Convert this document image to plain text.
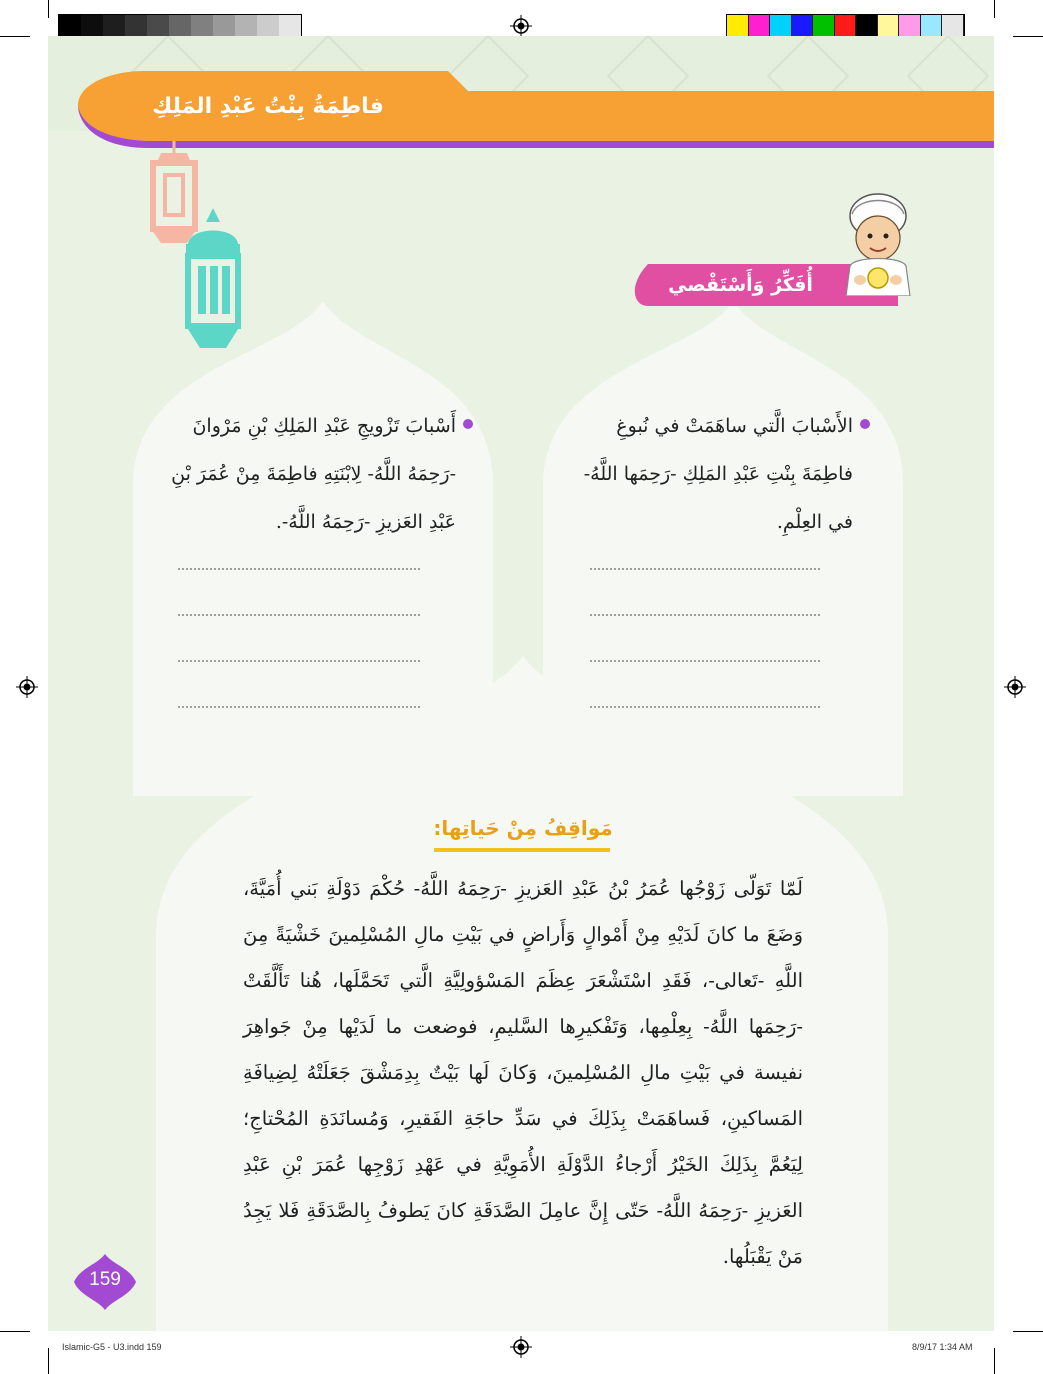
فاطِمَةُ بِنْتُ عَبْدِ المَلِكِ
أُفَكِّرُ وَأَسْتَقْصي
الأَسْبابَ الَّتي ساهَمَتْ في نُبوغِ فاطِمَةَ بِنْتِ عَبْدِ المَلِكِ -رَحِمَها اللَّهُ- في العِلْمِ.
أَسْبابَ تَزْويجِ عَبْدِ المَلِكِ بْنِ مَرْوانَ -رَحِمَهُ اللَّهُ- لِابْنَتِهِ فاطِمَةَ مِنْ عُمَرَ بْنِ عَبْدِ العَزيزِ -رَحِمَهُ اللَّهُ-.
مَواقِفُ مِنْ حَياتِها:
لَمّا تَوَلّى زَوْجُها عُمَرُ بْنُ عَبْدِ العَزيزِ -رَحِمَهُ اللَّهُ- حُكْمَ دَوْلَةِ بَني أُمَيَّةَ، وَضَعَ ما كانَ لَدَيْهِ مِنْ أَمْوالٍ وَأَراضٍ في بَيْتِ مالِ المُسْلِمينَ خَشْيَةً مِنَ اللَّهِ -تَعالى-، فَقَدِ اسْتَشْعَرَ عِظَمَ المَسْؤولِيَّةِ الَّتي تَحَمَّلَها، هُنا تَأَلَّقَتْ -رَحِمَها اللَّهُ- بِعِلْمِها، وَتَفْكيرِها السَّليمِ، فوضعت ما لَدَيْها مِنْ جَواهِرَ نفيسة في بَيْتِ مالِ المُسْلِمينَ، وَكانَ لَها بَيْتٌ بِدِمَشْقَ جَعَلَتْهُ لِضِيافَةِ المَساكينِ، فَساهَمَتْ بِذَلِكَ في سَدِّ حاجَةِ الفَقيرِ، وَمُسانَدَةِ المُحْتاجِ؛ لِيَعُمَّ بِذَلِكَ الخَيْرُ أَرْجاءُ الدَّوْلَةِ الأُمَوِيَّةِ في عَهْدِ زَوْجِها عُمَرَ بْنِ عَبْدِ العَزيزِ -رَحِمَهُ اللَّهُ- حَتّى إِنَّ عامِلَ الصَّدَقَةِ كانَ يَطوفُ بِالصَّدَقَةِ فَلا يَجِدُ مَنْ يَقْبَلُها.
159
Islamic-G5 - U3.indd 159	8/9/17 1:34 AM
